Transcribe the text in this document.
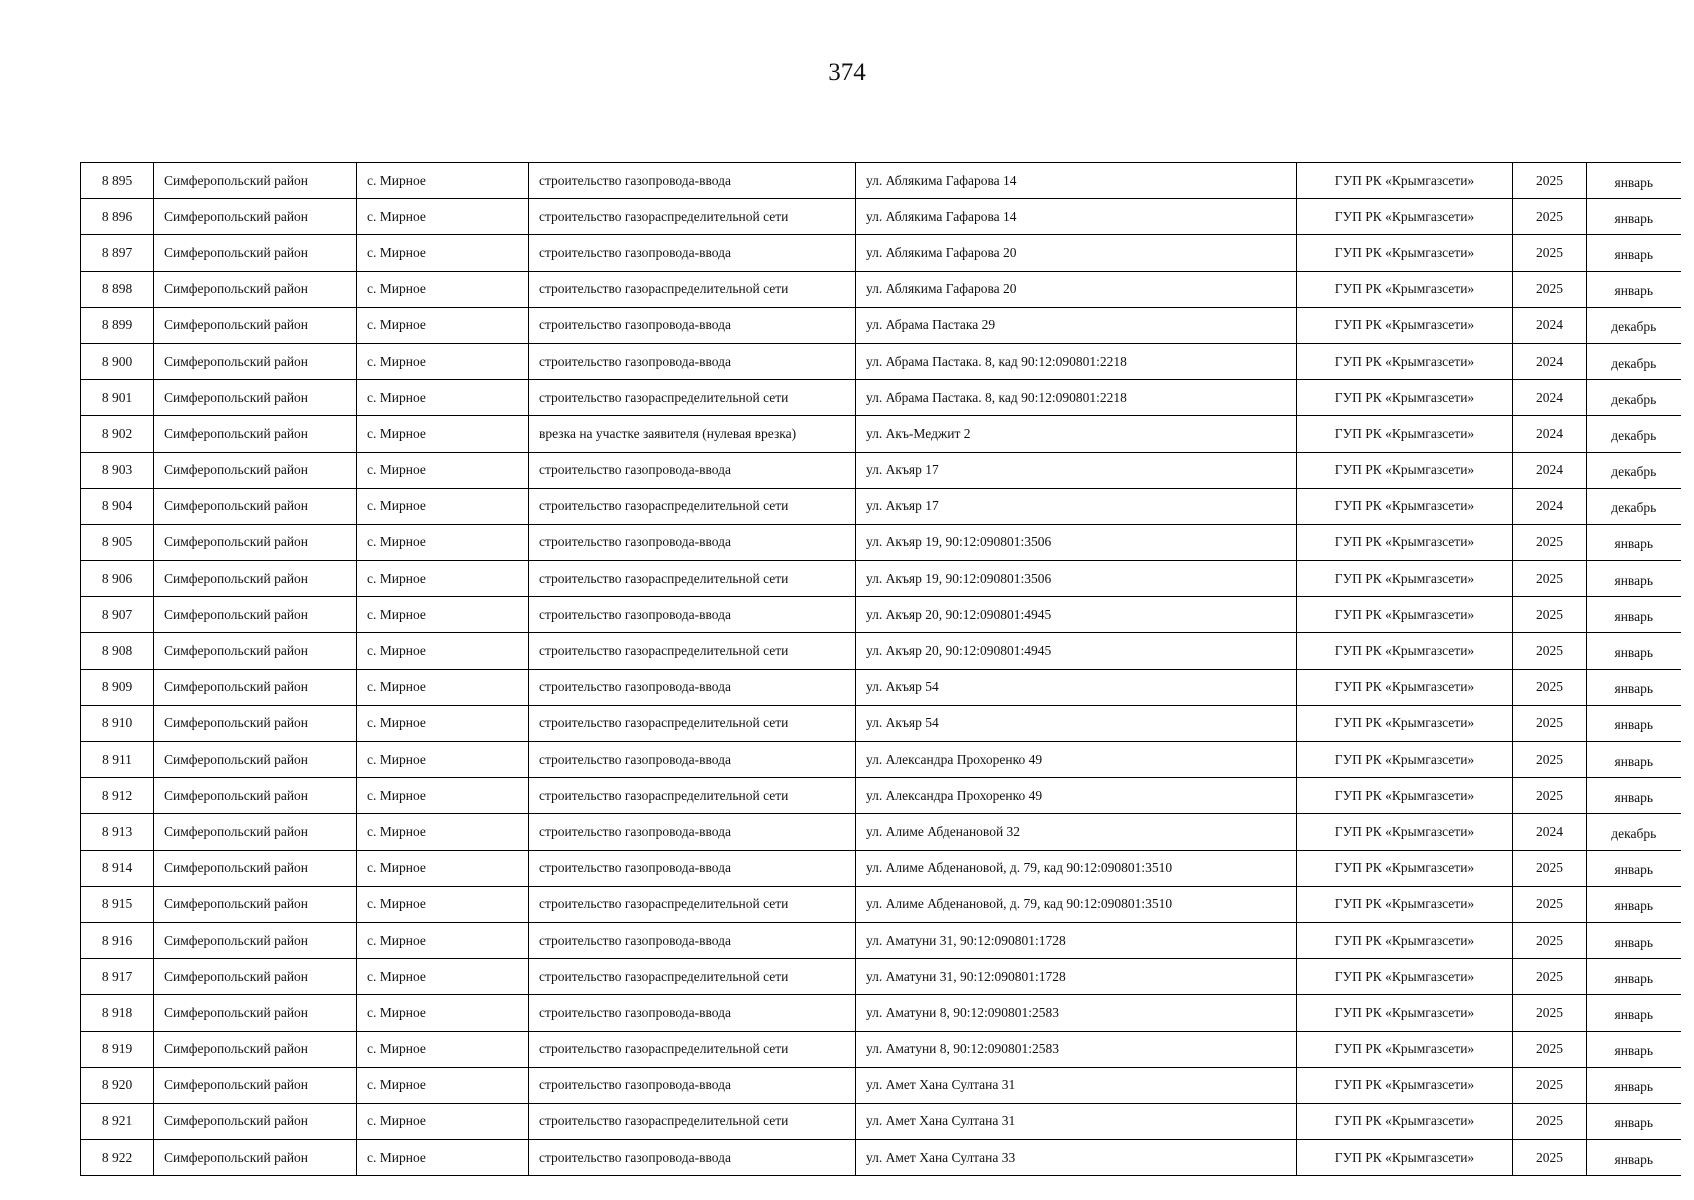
374
8 895	Симферопольский район	с. Мирное	строительство газопровода-ввода	ул. Аблякима Гафарова 14	ГУП РК «Крымгазсети»	2025	январь
8 896	Симферопольский район	с. Мирное	строительство газораспределительной сети	ул. Аблякима Гафарова 14	ГУП РК «Крымгазсети»	2025	январь
8 897	Симферопольский район	с. Мирное	строительство газопровода-ввода	ул. Аблякима Гафарова 20	ГУП РК «Крымгазсети»	2025	январь
8 898	Симферопольский район	с. Мирное	строительство газораспределительной сети	ул. Аблякима Гафарова 20	ГУП РК «Крымгазсети»	2025	январь
8 899	Симферопольский район	с. Мирное	строительство газопровода-ввода	ул. Абрама Пастака 29	ГУП РК «Крымгазсети»	2024	декабрь
8 900	Симферопольский район	с. Мирное	строительство газопровода-ввода	ул. Абрама Пастака. 8, кад 90:12:090801:2218	ГУП РК «Крымгазсети»	2024	декабрь
8 901	Симферопольский район	с. Мирное	строительство газораспределительной сети	ул. Абрама Пастака. 8, кад 90:12:090801:2218	ГУП РК «Крымгазсети»	2024	декабрь
8 902	Симферопольский район	с. Мирное	врезка на участке заявителя (нулевая врезка)	ул. Акъ-Меджит 2	ГУП РК «Крымгазсети»	2024	декабрь
8 903	Симферопольский район	с. Мирное	строительство газопровода-ввода	ул. Акъяр 17	ГУП РК «Крымгазсети»	2024	декабрь
8 904	Симферопольский район	с. Мирное	строительство газораспределительной сети	ул. Акъяр 17	ГУП РК «Крымгазсети»	2024	декабрь
8 905	Симферопольский район	с. Мирное	строительство газопровода-ввода	ул. Акъяр 19, 90:12:090801:3506	ГУП РК «Крымгазсети»	2025	январь
8 906	Симферопольский район	с. Мирное	строительство газораспределительной сети	ул. Акъяр 19, 90:12:090801:3506	ГУП РК «Крымгазсети»	2025	январь
8 907	Симферопольский район	с. Мирное	строительство газопровода-ввода	ул. Акъяр 20, 90:12:090801:4945	ГУП РК «Крымгазсети»	2025	январь
8 908	Симферопольский район	с. Мирное	строительство газораспределительной сети	ул. Акъяр 20, 90:12:090801:4945	ГУП РК «Крымгазсети»	2025	январь
8 909	Симферопольский район	с. Мирное	строительство газопровода-ввода	ул. Акъяр 54	ГУП РК «Крымгазсети»	2025	январь
8 910	Симферопольский район	с. Мирное	строительство газораспределительной сети	ул. Акъяр 54	ГУП РК «Крымгазсети»	2025	январь
8 911	Симферопольский район	с. Мирное	строительство газопровода-ввода	ул. Александра Прохоренко 49	ГУП РК «Крымгазсети»	2025	январь
8 912	Симферопольский район	с. Мирное	строительство газораспределительной сети	ул. Александра Прохоренко 49	ГУП РК «Крымгазсети»	2025	январь
8 913	Симферопольский район	с. Мирное	строительство газопровода-ввода	ул. Алиме Абденановой 32	ГУП РК «Крымгазсети»	2024	декабрь
8 914	Симферопольский район	с. Мирное	строительство газопровода-ввода	ул. Алиме Абденановой, д. 79, кад 90:12:090801:3510	ГУП РК «Крымгазсети»	2025	январь
8 915	Симферопольский район	с. Мирное	строительство газораспределительной сети	ул. Алиме Абденановой, д. 79, кад 90:12:090801:3510	ГУП РК «Крымгазсети»	2025	январь
8 916	Симферопольский район	с. Мирное	строительство газопровода-ввода	ул. Аматуни 31, 90:12:090801:1728	ГУП РК «Крымгазсети»	2025	январь
8 917	Симферопольский район	с. Мирное	строительство газораспределительной сети	ул. Аматуни 31, 90:12:090801:1728	ГУП РК «Крымгазсети»	2025	январь
8 918	Симферопольский район	с. Мирное	строительство газопровода-ввода	ул. Аматуни 8, 90:12:090801:2583	ГУП РК «Крымгазсети»	2025	январь
8 919	Симферопольский район	с. Мирное	строительство газораспределительной сети	ул. Аматуни 8, 90:12:090801:2583	ГУП РК «Крымгазсети»	2025	январь
8 920	Симферопольский район	с. Мирное	строительство газопровода-ввода	ул. Амет Хана Султана 31	ГУП РК «Крымгазсети»	2025	январь
8 921	Симферопольский район	с. Мирное	строительство газораспределительной сети	ул. Амет Хана Султана 31	ГУП РК «Крымгазсети»	2025	январь
8 922	Симферопольский район	с. Мирное	строительство газопровода-ввода	ул. Амет Хана Султана 33	ГУП РК «Крымгазсети»	2025	январь
